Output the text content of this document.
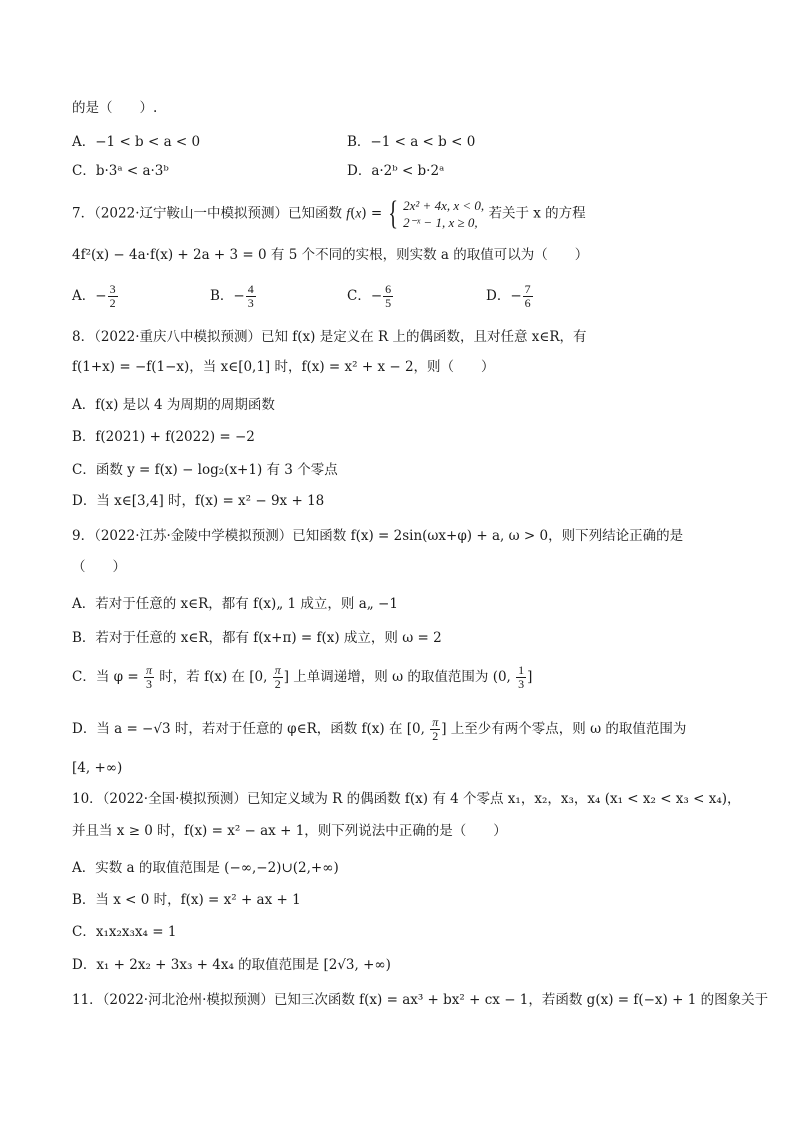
的是（　　）.
A．−1 < b < a < 0	B．−1 < a < b < 0
C．b·3ᵃ < a·3ᵇ	D．a·2ᵇ < b·2ᵃ
7．（2022·辽宁鞍山一中模拟预测）已知函数 f(x) = { 2x² + 4x, x < 0,
2⁻ˣ − 1, x ≥ 0,
若关于 x 的方程
4f²(x) − 4a·f(x) + 2a + 3 = 0 有 5 个不同的实根，则实数 a 的取值可以为（　　）
A．− $\frac{3}{2}$	B．− $\frac{4}{3}$	C．− $\frac{6}{5}$	D．− $\frac{7}{6}$
8．（2022·重庆八中模拟预测）已知 f(x) 是定义在 R 上的偶函数，且对任意 x∈R，有
f(1+x) = −f(1−x)，当 x∈[0,1] 时，f(x) = x² + x − 2，则（　　）
A．f(x) 是以 4 为周期的周期函数
B．f(2021) + f(2022) = −2
C．函数 y = f(x) − log₂(x+1) 有 3 个零点
D．当 x∈[3,4] 时，f(x) = x² − 9x + 18
9．（2022·江苏·金陵中学模拟预测）已知函数 f(x) = 2sin(ωx+φ) + a, ω > 0，则下列结论正确的是
（　　）
A．若对于任意的 x∈R，都有 f(x)„ 1 成立，则 a„ −1
B．若对于任意的 x∈R，都有 f(x+π) = f(x) 成立，则 ω = 2
C．当 $\varphi = \frac{\pi}{3}$ 时，若 f(x) 在 [0, $\frac{\pi}{2}$ ] 上单调递增，则 ω 的取值范围为 (0, $\frac{1}{3}$ ]
D．当 a = −√3 时，若对于任意的 φ∈R，函数 f(x) 在 [0, $\frac{\pi}{2}$ ] 上至少有两个零点，则 ω 的取值范围为
[4, +∞)
10．（2022·全国·模拟预测）已知定义域为 R 的偶函数 f(x) 有 4 个零点 x₁，x₂，x₃，x₄ (x₁ < x₂ < x₃ < x₄)，
并且当 x ≥ 0 时，f(x) = x² − ax + 1，则下列说法中正确的是（　　）
A．实数 a 的取值范围是 (−∞,−2)∪(2,+∞)
B．当 x < 0 时，f(x) = x² + ax + 1
C．x₁x₂x₃x₄ = 1
D．x₁ + 2x₂ + 3x₃ + 4x₄ 的取值范围是 [2√3, +∞)
11．（2022·河北沧州·模拟预测）已知三次函数 f(x) = ax³ + bx² + cx − 1，若函数 g(x) = f(−x) + 1 的图象关于
